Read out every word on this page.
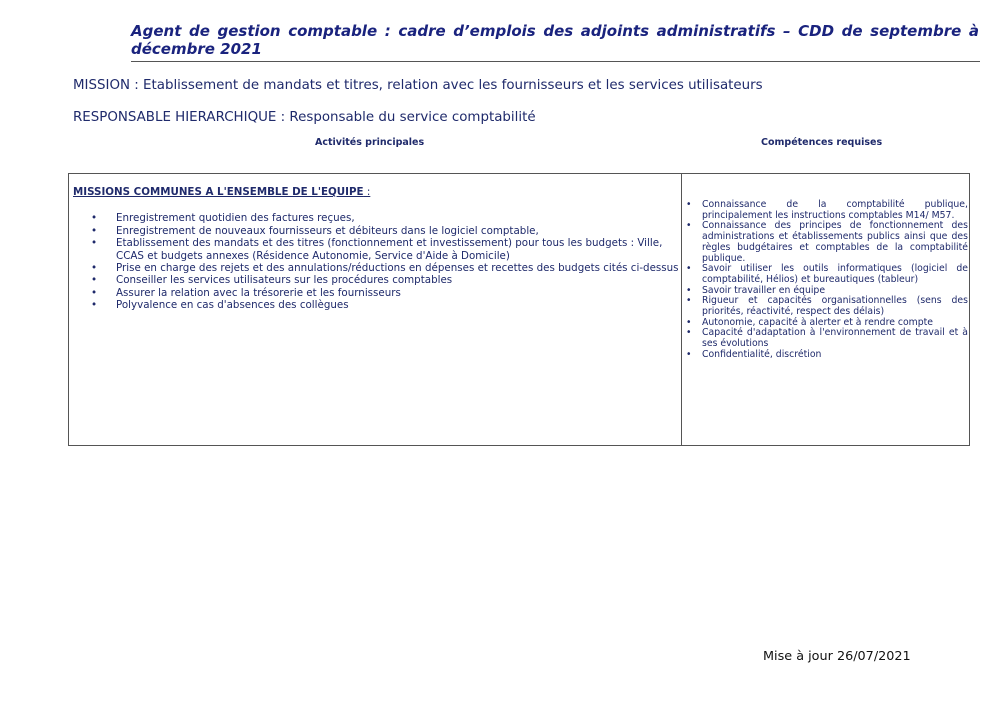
Agent de gestion comptable : cadre d’emplois des adjoints administratifs – CDD de septembre à décembre 2021
MISSION : Etablissement de mandats et titres, relation avec les fournisseurs et les services utilisateurs
RESPONSABLE HIERARCHIQUE : Responsable du service comptabilité
Activités principales	Compétences requises
MISSIONS COMMUNES A L'ENSEMBLE DE L'EQUIPE :
• Enregistrement quotidien des factures reçues,
• Enregistrement de nouveaux fournisseurs et débiteurs dans le logiciel comptable,
• Etablissement des mandats et des titres (fonctionnement et investissement) pour tous les budgets : Ville, CCAS et budgets annexes (Résidence Autonomie, Service d'Aide à Domicile)
• Prise en charge des rejets et des annulations/réductions en dépenses et recettes des budgets cités ci-dessus
• Conseiller les services utilisateurs sur les procédures comptables
• Assurer la relation avec la trésorerie et les fournisseurs
• Polyvalence en cas d'absences des collègues
• Connaissance de la comptabilité publique, principalement les instructions comptables M14/ M57.
• Connaissance des principes de fonctionnement des administrations et établissements publics ainsi que des règles budgétaires et comptables de la comptabilité publique.
• Savoir utiliser les outils informatiques (logiciel de comptabilité, Hélios) et bureautiques (tableur)
• Savoir travailler en équipe
• Rigueur et capacités organisationnelles (sens des priorités, réactivité, respect des délais)
• Autonomie, capacité à alerter et à rendre compte
• Capacité d'adaptation à l'environnement de travail et à ses évolutions
• Confidentialité, discrétion
Mise à jour 26/07/2021
